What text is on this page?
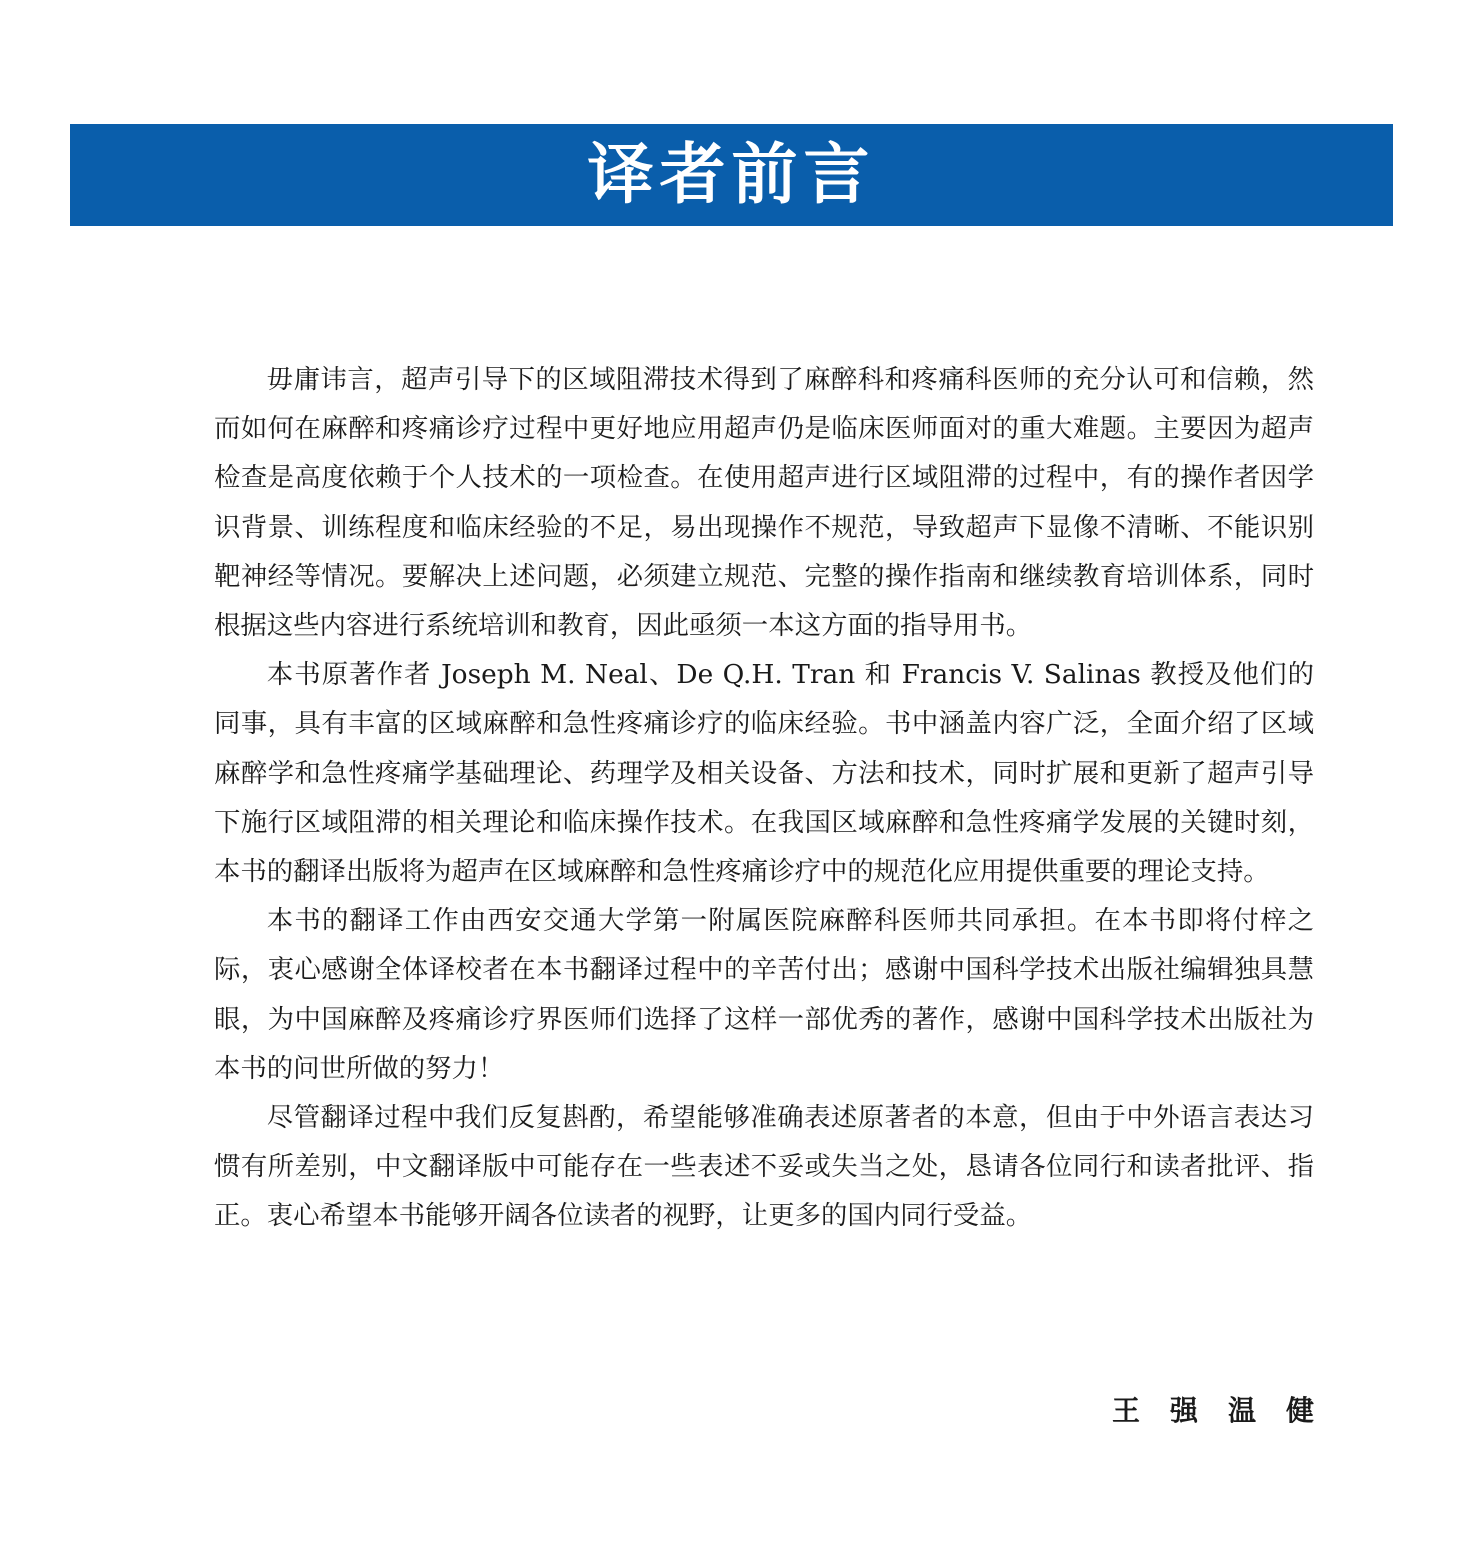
译者前言

毋庸讳言，超声引导下的区域阻滞技术得到了麻醉科和疼痛科医师的充分认可和信赖，然而如何在麻醉和疼痛诊疗过程中更好地应用超声仍是临床医师面对的重大难题。主要因为超声检查是高度依赖于个人技术的一项检查。在使用超声进行区域阻滞的过程中，有的操作者因学识背景、训练程度和临床经验的不足，易出现操作不规范，导致超声下显像不清晰、不能识别靶神经等情况。要解决上述问题，必须建立规范、完整的操作指南和继续教育培训体系，同时根据这些内容进行系统培训和教育，因此亟须一本这方面的指导用书。

本书原著作者 Joseph M. Neal、De Q.H. Tran 和 Francis V. Salinas 教授及他们的同事，具有丰富的区域麻醉和急性疼痛诊疗的临床经验。书中涵盖内容广泛，全面介绍了区域麻醉学和急性疼痛学基础理论、药理学及相关设备、方法和技术，同时扩展和更新了超声引导下施行区域阻滞的相关理论和临床操作技术。在我国区域麻醉和急性疼痛学发展的关键时刻，本书的翻译出版将为超声在区域麻醉和急性疼痛诊疗中的规范化应用提供重要的理论支持。

本书的翻译工作由西安交通大学第一附属医院麻醉科医师共同承担。在本书即将付梓之际，衷心感谢全体译校者在本书翻译过程中的辛苦付出；感谢中国科学技术出版社编辑独具慧眼，为中国麻醉及疼痛诊疗界医师们选择了这样一部优秀的著作，感谢中国科学技术出版社为本书的问世所做的努力！

尽管翻译过程中我们反复斟酌，希望能够准确表述原著者的本意，但由于中外语言表达习惯有所差别，中文翻译版中可能存在一些表述不妥或失当之处，恳请各位同行和读者批评、指正。衷心希望本书能够开阔各位读者的视野，让更多的国内同行受益。

王强温健
